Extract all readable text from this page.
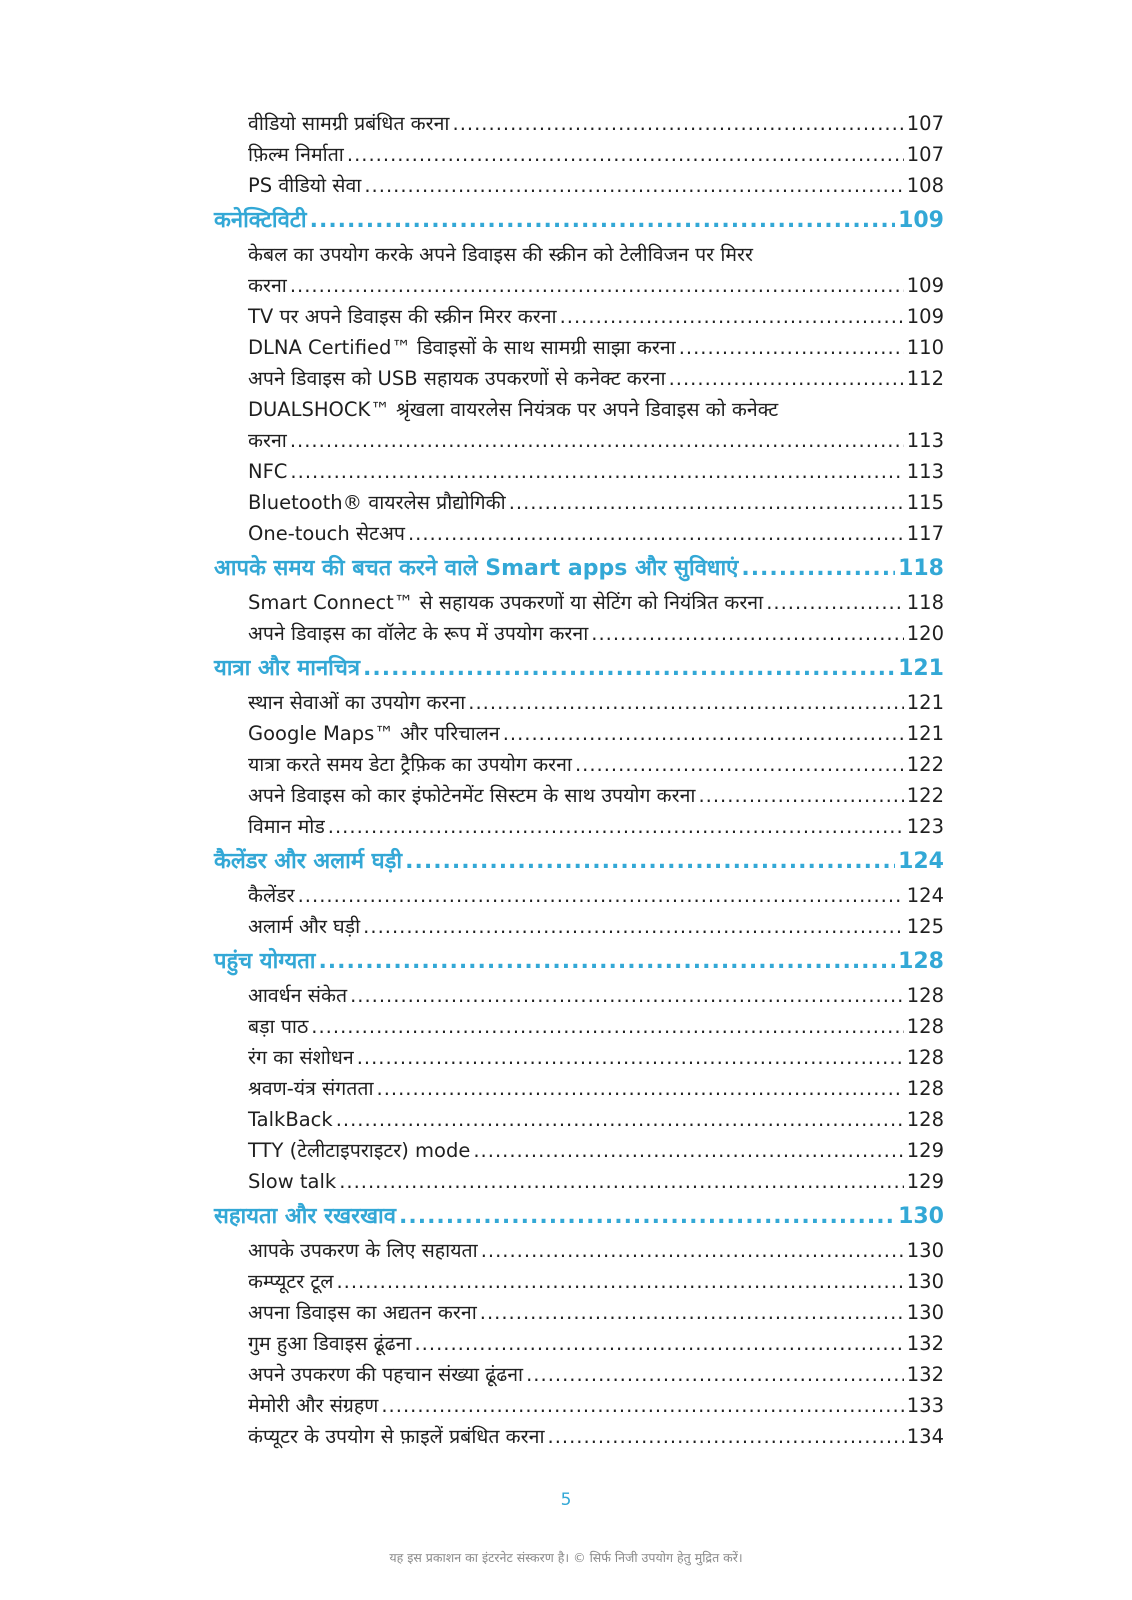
वीडियो सामग्री प्रबंधित करना .....	107
फ़िल्म निर्माता .....	107
PS वीडियो सेवा .....	108
कनेक्टिविटी .....	109
केबल का उपयोग करके अपने डिवाइस की स्क्रीन को टेलीविजन पर मिरर
करना .....	109
TV पर अपने डिवाइस की स्क्रीन मिरर करना .....	109
DLNA Certified™ डिवाइसों के साथ सामग्री साझा करना .....	110
अपने डिवाइस को USB सहायक उपकरणों से कनेक्ट करना .....	112
DUALSHOCK™ श्रृंखला वायरलेस नियंत्रक पर अपने डिवाइस को कनेक्ट
करना .....	113
NFC .....	113
Bluetooth® वायरलेस प्रौद्योगिकी .....	115
One-touch सेटअप .....	117
आपके समय की बचत करने वाले Smart apps और सुविधाएं .....	118
Smart Connect™ से सहायक उपकरणों या सेटिंग को नियंत्रित करना .....	118
अपने डिवाइस का वॉलेट के रूप में उपयोग करना .....	120
यात्रा और मानचित्र .....	121
स्थान सेवाओं का उपयोग करना .....	121
Google Maps™ और परिचालन .....	121
यात्रा करते समय डेटा ट्रैफ़िक का उपयोग करना .....	122
अपने डिवाइस को कार इंफोटेनमेंट सिस्टम के साथ उपयोग करना .....	122
विमान मोड .....	123
कैलेंडर और अलार्म घड़ी .....	124
कैलेंडर .....	124
अलार्म और घड़ी .....	125
पहुंच योग्यता .....	128
आवर्धन संकेत .....	128
बड़ा पाठ .....	128
रंग का संशोधन .....	128
श्रवण-यंत्र संगतता .....	128
TalkBack .....	128
TTY (टेलीटाइपराइटर) mode .....	129
Slow talk .....	129
सहायता और रखरखाव .....	130
आपके उपकरण के लिए सहायता .....	130
कम्प्यूटर टूल .....	130
अपना डिवाइस का अद्यतन करना .....	130
गुम हुआ डिवाइस ढूंढना .....	132
अपने उपकरण की पहचान संख्या ढूंढना .....	132
मेमोरी और संग्रहण .....	133
कंप्यूटर के उपयोग से फ़ाइलें प्रबंधित करना .....	134
5
यह इस प्रकाशन का इंटरनेट संस्करण है। © सिर्फ निजी उपयोग हेतु मुद्रित करें।
